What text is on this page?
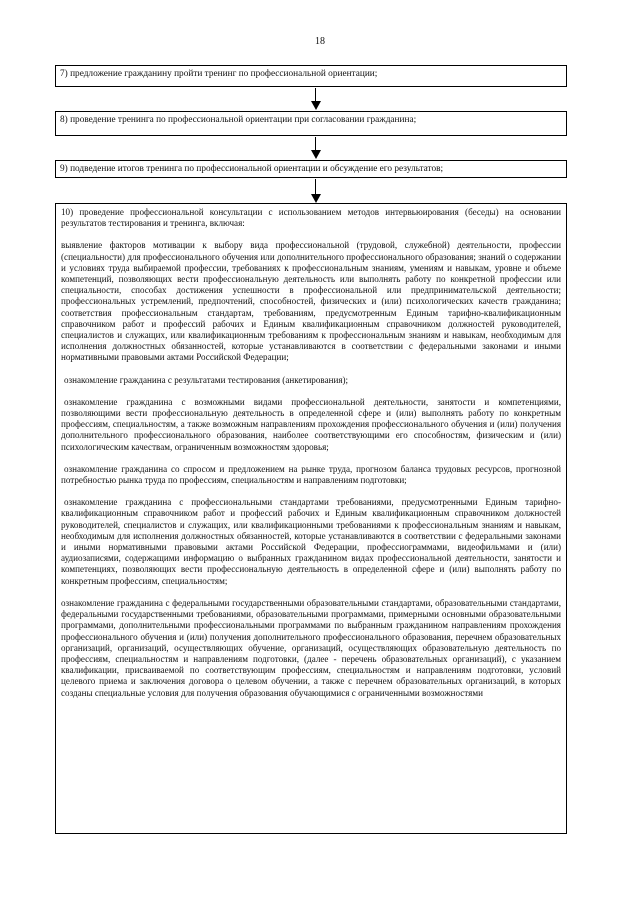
18
7) предложение гражданину пройти тренинг по профессиональной ориентации;
8) проведение тренинга по профессиональной ориентации при согласовании гражданина;
9) подведение итогов тренинга по профессиональной ориентации и обсуждение его результатов;

10) проведение профессиональной консультации с использованием методов интервьюирования (беседы) на основании результатов тестирования и тренинга, включая:

выявление факторов мотивации к выбору вида профессиональной (трудовой, служебной) деятельности, профессии (специальности) для профессионального обучения или дополнительного профессионального образования; знаний о содержании и условиях труда выбираемой профессии, требованиях к профессиональным знаниям, умениям и навыкам, уровне и объеме компетенций, позволяющих вести профессиональную деятельность или выполнять работу по конкретной профессии или специальности, способах достижения успешности в профессиональной или предпринимательской деятельности; профессиональных устремлений, предпочтений, способностей, физических и (или) психологических качеств гражданина; соответствия профессиональным стандартам, требованиям, предусмотренным Единым тарифно-квалификационным справочником работ и профессий рабочих и Единым квалификационным справочником должностей руководителей, специалистов и служащих, или квалификационным требованиям к профессиональным знаниям и навыкам, необходимым для исполнения должностных обязанностей, которые устанавливаются в соответствии с федеральными законами и иными нормативными правовыми актами Российской Федерации;

ознакомление гражданина с результатами тестирования (анкетирования);

ознакомление гражданина с возможными видами профессиональной деятельности, занятости и компетенциями, позволяющими вести профессиональную деятельность в определенной сфере и (или) выполнять работу по конкретным профессиям, специальностям, а также возможным направлениям прохождения профессионального обучения и (или) получения дополнительного профессионального образования, наиболее соответствующими его способностям, физическим и (или) психологическим качествам, ограниченным возможностям здоровья;

ознакомление гражданина со спросом и предложением на рынке труда, прогнозом баланса трудовых ресурсов, прогнозной потребностью рынка труда по профессиям, специальностям и направлениям подготовки;

ознакомление гражданина с профессиональными стандартами требованиями, предусмотренными Единым тарифно-квалификационным справочником работ и профессий рабочих и Единым квалификационным справочником должностей руководителей, специалистов и служащих, или квалификационными требованиями к профессиональным знаниям и навыкам, необходимым для исполнения должностных обязанностей, которые устанавливаются в соответствии с федеральными законами и иными нормативными правовыми актами Российской Федерации, профессиограммами, видеофильмами и (или) аудиозаписями, содержащими информацию о выбранных гражданином видах профессиональной деятельности, занятости и компетенциях, позволяющих вести профессиональную деятельность в определенной сфере и (или) выполнять работу по конкретным профессиям, специальностям;

ознакомление гражданина с федеральными государственными образовательными стандартами, образовательными стандартами, федеральными государственными требованиями, образовательными программами, примерными основными образовательными программами, дополнительными профессиональными программами по выбранным гражданином направлениям прохождения профессионального обучения и (или) получения дополнительного профессионального образования, перечнем образовательных организаций, организаций, осуществляющих обучение, организаций, осуществляющих образовательную деятельность по профессиям, специальностям и направлениям подготовки, (далее - перечень образовательных организаций), с указанием квалификации, присваиваемой по соответствующим профессиям, специальностям и направлениям подготовки, условий целевого приема и заключения договора о целевом обучении, а также с перечнем образовательных организаций, в которых созданы специальные условия для получения образования обучающимися с ограниченными возможностями
